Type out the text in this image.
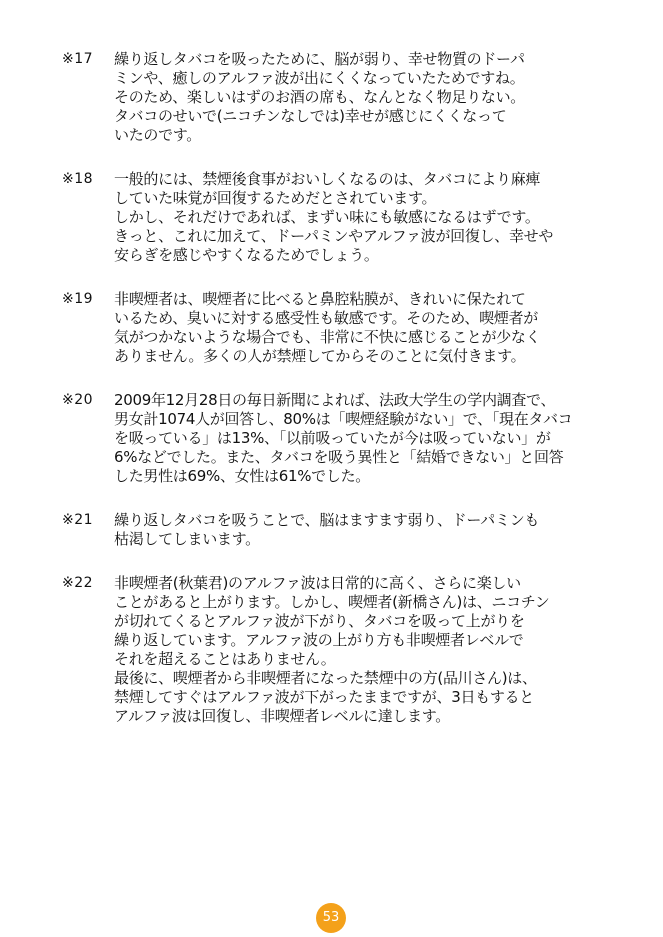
※17 繰り返しタバコを吸ったために、脳が弱り、幸せ物質のドーパ
ミンや、癒しのアルファ波が出にくくなっていたためですね。
そのため、楽しいはずのお酒の席も、なんとなく物足りない。
タバコのせいで(ニコチンなしでは)幸せが感じにくくなって
いたのです。
※18 一般的には、禁煙後食事がおいしくなるのは、タバコにより麻痺
していた味覚が回復するためだとされています。
しかし、それだけであれば、まずい味にも敏感になるはずです。
きっと、これに加えて、ドーパミンやアルファ波が回復し、幸せや
安らぎを感じやすくなるためでしょう。
※19 非喫煙者は、喫煙者に比べると鼻腔粘膜が、きれいに保たれて
いるため、臭いに対する感受性も敏感です。そのため、喫煙者が
気がつかないような場合でも、非常に不快に感じることが少なく
ありません。多くの人が禁煙してからそのことに気付きます。
※20 2009年12月28日の毎日新聞によれば、法政大学生の学内調査で、
男女計1074人が回答し、80%は「喫煙経験がない」で、「現在タバコ
を吸っている」は13%、「以前吸っていたが今は吸っていない」が
6%などでした。また、タバコを吸う異性と「結婚できない」と回答
した男性は69%、女性は61%でした。
※21 繰り返しタバコを吸うことで、脳はますます弱り、ドーパミンも
枯渇してしまいます。
※22 非喫煙者(秋葉君)のアルファ波は日常的に高く、さらに楽しい
ことがあると上がります。しかし、喫煙者(新橋さん)は、ニコチン
が切れてくるとアルファ波が下がり、タバコを吸って上がりを
繰り返しています。アルファ波の上がり方も非喫煙者レベルで
それを超えることはありません。
最後に、喫煙者から非喫煙者になった禁煙中の方(品川さん)は、
禁煙してすぐはアルファ波が下がったままですが、3日もすると
アルファ波は回復し、非喫煙者レベルに達します。
53
